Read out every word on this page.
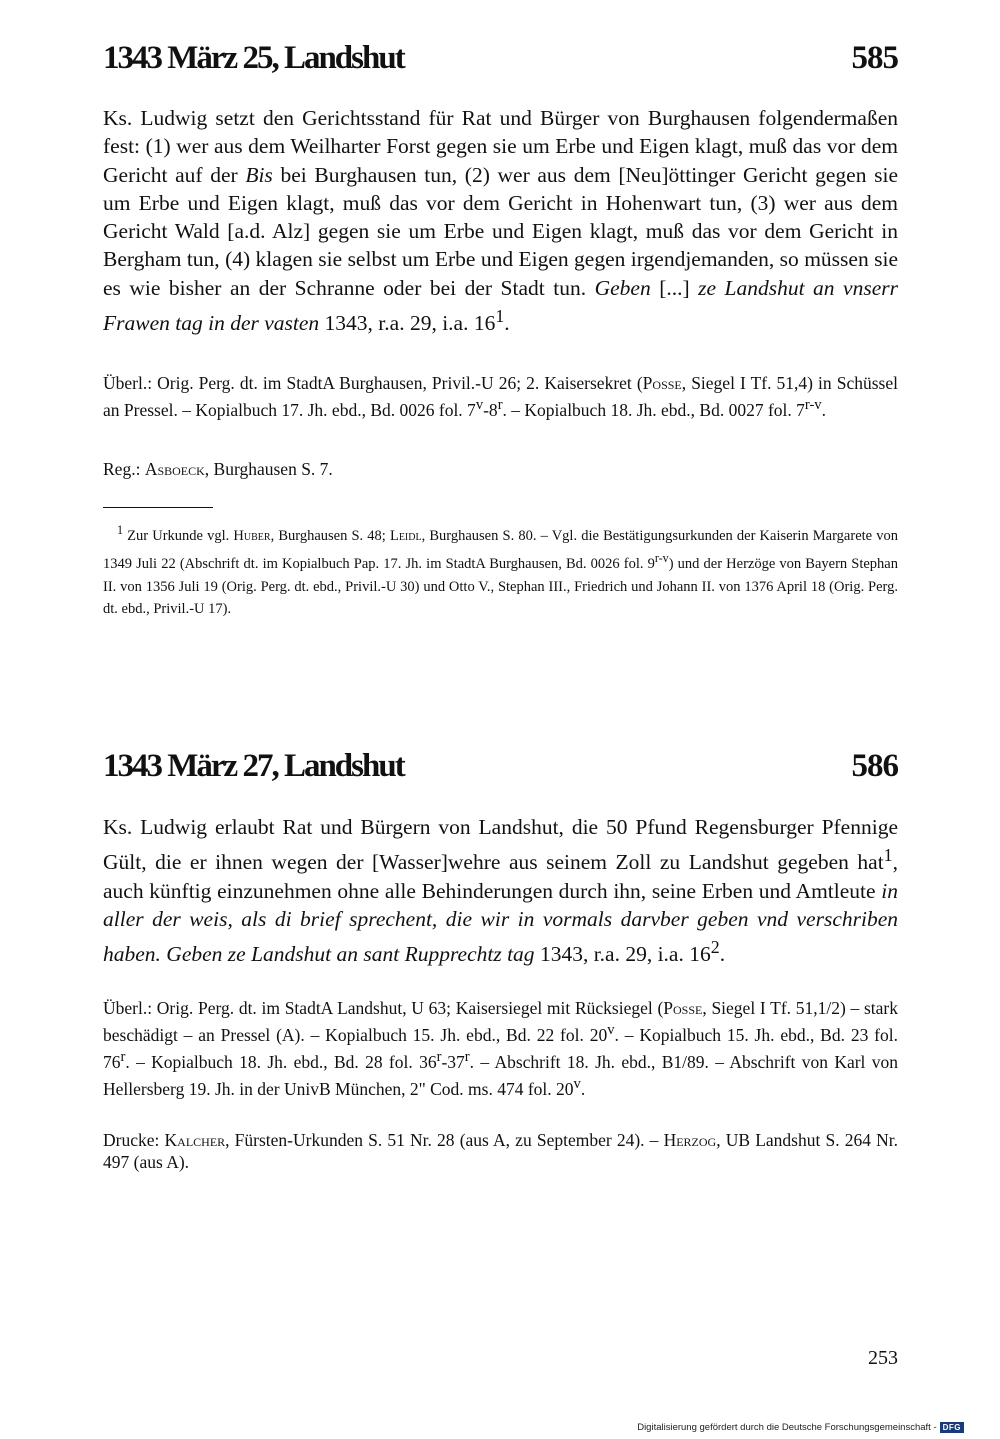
1343 März 25, Landshut	585

Ks. Ludwig setzt den Gerichtsstand für Rat und Bürger von Burghausen folgendermaßen fest: (1) wer aus dem Weilharter Forst gegen sie um Erbe und Eigen klagt, muß das vor dem Gericht auf der Bis bei Burghausen tun, (2) wer aus dem [Neu]öttinger Gericht gegen sie um Erbe und Eigen klagt, muß das vor dem Gericht in Hohenwart tun, (3) wer aus dem Gericht Wald [a.d. Alz] gegen sie um Erbe und Eigen klagt, muß das vor dem Gericht in Bergham tun, (4) klagen sie selbst um Erbe und Eigen gegen irgendjemanden, so müssen sie es wie bisher an der Schranne oder bei der Stadt tun. Geben [...] ze Landshut an vnserr Frawen tag in der vasten 1343, r.a. 29, i.a. $16^1$.

Überl.: Orig. Perg. dt. im StadtA Burghausen, Privil.-U 26; 2. Kaisersekret (Posse, Siegel I Tf. 51,4) in Schüssel an Pressel. – Kopialbuch 17. Jh. ebd., Bd. 0026 fol. 7$^v$-8$^r$. – Kopialbuch 18. Jh. ebd., Bd. 0027 fol. 7$^{r-v}$.

Reg.: Asboeck, Burghausen S. 7.

$^1$ Zur Urkunde vgl. Huber, Burghausen S. 48; Leidl, Burghausen S. 80. – Vgl. die Bestätigungsurkunden der Kaiserin Margarete von 1349 Juli 22 (Abschrift dt. im Kopialbuch Pap. 17. Jh. im StadtA Burghausen, Bd. 0026 fol. 9$^{r-v}$) und der Herzöge von Bayern Stephan II. von 1356 Juli 19 (Orig. Perg. dt. ebd., Privil.-U 30) und Otto V., Stephan III., Friedrich und Johann II. von 1376 April 18 (Orig. Perg. dt. ebd., Privil.-U 17).

1343 März 27, Landshut	586

Ks. Ludwig erlaubt Rat und Bürgern von Landshut, die 50 Pfund Regensburger Pfennige Gült, die er ihnen wegen der [Wasser]wehre aus seinem Zoll zu Landshut gegeben hat$^1$, auch künftig einzunehmen ohne alle Behinderungen durch ihn, seine Erben und Amtleute in aller der weis, als di brief sprechent, die wir in vormals darvber geben vnd verschriben haben. Geben ze Landshut an sant Rupprechtz tag 1343, r.a. 29, i.a. $16^2$.

Überl.: Orig. Perg. dt. im StadtA Landshut, U 63; Kaisersiegel mit Rücksiegel (Posse, Siegel I Tf. 51,1/2) – stark beschädigt – an Pressel (A). – Kopialbuch 15. Jh. ebd., Bd. 22 fol. 20$^v$. – Kopialbuch 15. Jh. ebd., Bd. 23 fol. 76$^r$. – Kopialbuch 18. Jh. ebd., Bd. 28 fol. 36$^r$-37$^r$. – Abschrift 18. Jh. ebd., B1/89. – Abschrift von Karl von Hellersberg 19. Jh. in der UnivB München, 2" Cod. ms. 474 fol. 20$^v$.

Drucke: Kalcher, Fürsten-Urkunden S. 51 Nr. 28 (aus A, zu September 24). – Herzog, UB Landshut S. 264 Nr. 497 (aus A).

253
Digitalisierung gefördert durch die Deutsche Forschungsgemeinschaft - DFG
